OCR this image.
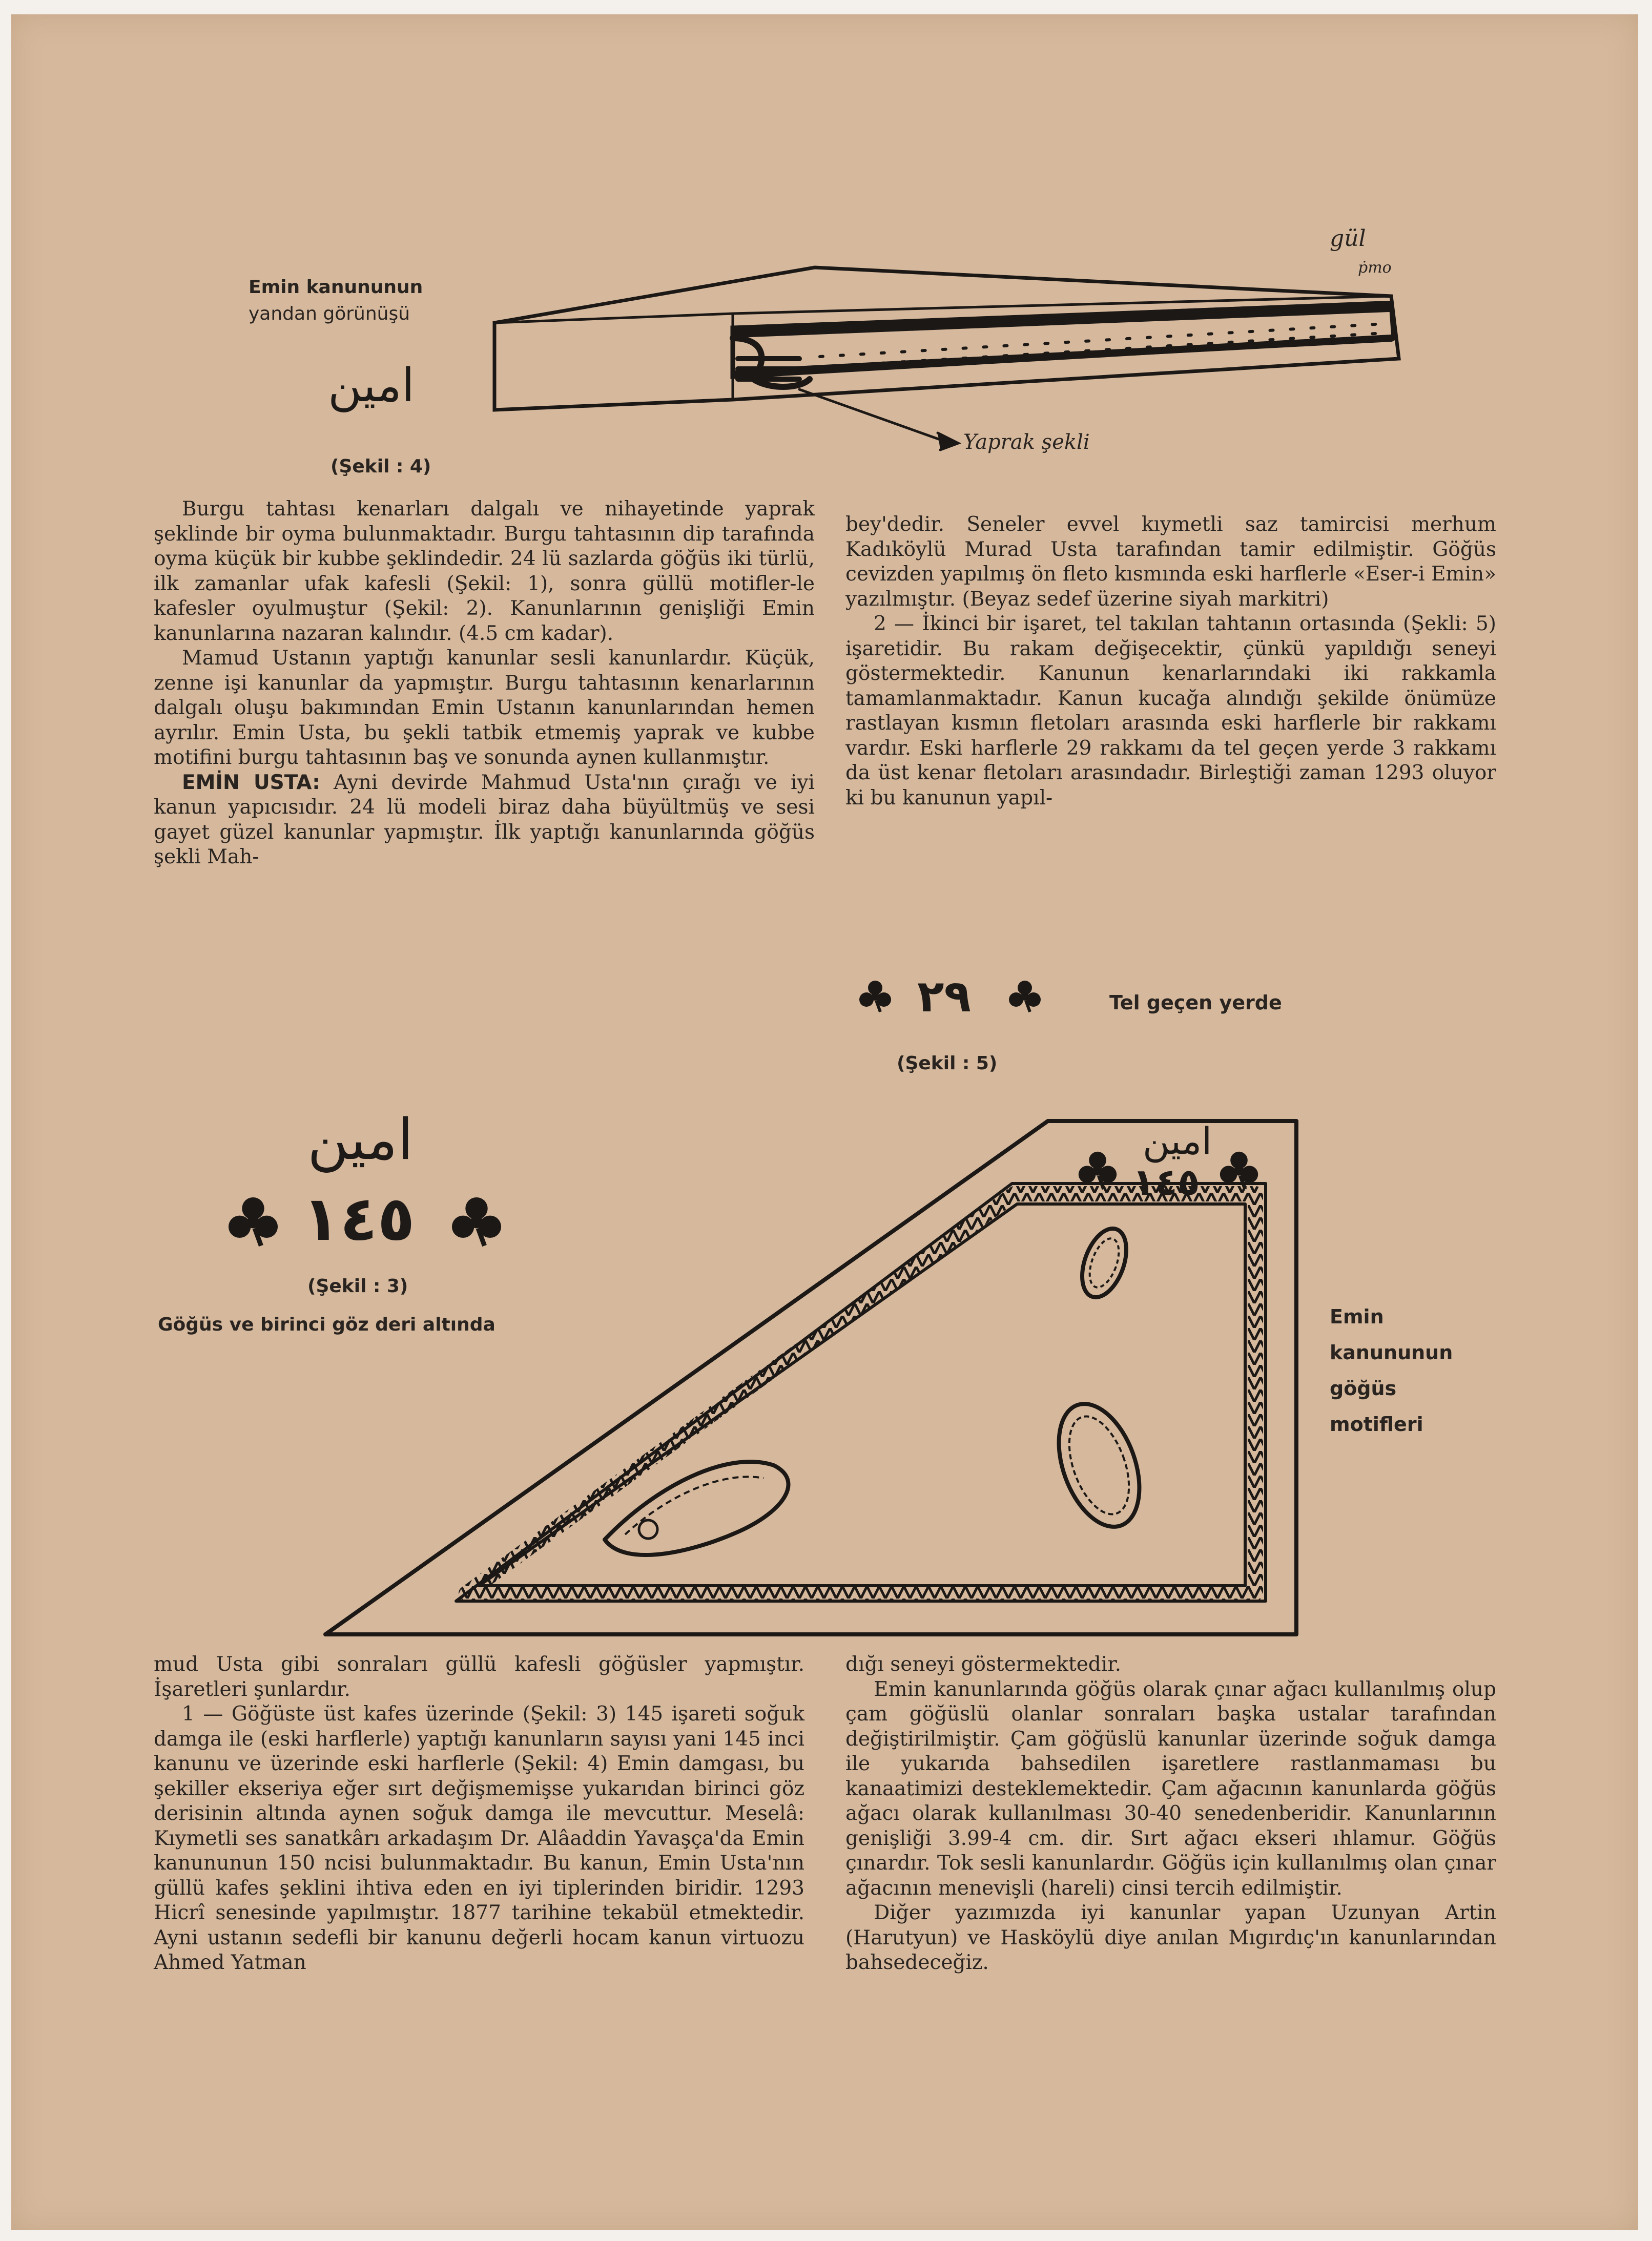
Emin kanununun
yandan görünüşü
امين
(Şekil : 4)
gül
ṗmo
Yaprak şekli

Burgu tahtası kenarları dalgalı ve nihayetinde yaprak şeklinde bir oyma bulunmaktadır. Burgu tahtasının dip tarafında oyma küçük bir kubbe şeklindedir. 24 lü sazlarda göğüs iki türlü, ilk zamanlar ufak kafesli (Şekil: 1), sonra güllü motifler-le kafesler oyulmuştur (Şekil: 2). Kanunlarının genişliği Emin kanunlarına nazaran kalındır. (4.5 cm kadar).

Mamud Ustanın yaptığı kanunlar sesli kanunlardır. Küçük, zenne işi kanunlar da yapmıştır. Burgu tahtasının kenarlarının dalgalı oluşu bakımından Emin Ustanın kanunlarından hemen ayrılır. Emin Usta, bu şekli tatbik etmemiş yaprak ve kubbe motifini burgu tahtasının baş ve sonunda aynen kullanmıştır.

EMİN USTA: Ayni devirde Mahmud Usta'nın çırağı ve iyi kanun yapıcısıdır. 24 lü modeli biraz daha büyültmüş ve sesi gayet güzel kanunlar yapmıştır. İlk yaptığı kanunlarında göğüs şekli Mah-

bey'dedir. Seneler evvel kıymetli saz tamircisi merhum Kadıköylü Murad Usta tarafından tamir edilmiştir. Göğüs cevizden yapılmış ön fleto kısmında eski harflerle «Eser-i Emin» yazılmıştır. (Beyaz sedef üzerine siyah markitri)

2 — İkinci bir işaret, tel takılan tahtanın ortasında (Şekli: 5) işaretidir. Bu rakam değişecektir, çünkü yapıldığı seneyi göstermektedir. Kanunun kenarlarındaki iki rakkamla tamamlanmaktadır. Kanun kucağa alındığı şekilde önümüze rastlayan kısmın fletoları arasında eski harflerle bir rakkamı vardır. Eski harflerle 29 rakkamı da tel geçen yerde 3 rakkamı da üst kenar fletoları arasındadır. Birleştiği zaman 1293 oluyor ki bu kanunun yapıl-

٢٩	Tel geçen yerde
(Şekil : 5)
امين
١٤٥
(Şekil : 3)
Göğüs ve birinci göz deri altında
امين
١٤٥
Emin
kanununun
göğüs
motifleri

mud Usta gibi sonraları güllü kafesli göğüsler yapmıştır. İşaretleri şunlardır.

1 — Göğüste üst kafes üzerinde (Şekil: 3) 145 işareti soğuk damga ile (eski harflerle) yaptığı kanunların sayısı yani 145 inci kanunu ve üzerinde eski harflerle (Şekil: 4) Emin damgası, bu şekiller ekseriya eğer sırt değişmemişse yukarıdan birinci göz derisinin altında aynen soğuk damga ile mevcuttur. Meselâ: Kıymetli ses sanatkârı arkadaşım Dr. Alâaddin Yavaşça'da Emin kanununun 150 ncisi bulunmaktadır. Bu kanun, Emin Usta'nın güllü kafes şeklini ihtiva eden en iyi tiplerinden biridir. 1293 Hicrî senesinde yapılmıştır. 1877 tarihine tekabül etmektedir. Ayni ustanın sedefli bir kanunu değerli hocam kanun virtuozu Ahmed Yatman

dığı seneyi göstermektedir.

Emin kanunlarında göğüs olarak çınar ağacı kullanılmış olup çam göğüslü olanlar sonraları başka ustalar tarafından değiştirilmiştir. Çam göğüslü kanunlar üzerinde soğuk damga ile yukarıda bahsedilen işaretlere rastlanmaması bu kanaatimizi desteklemektedir. Çam ağacının kanunlarda göğüs ağacı olarak kullanılması 30-40 senedenberidir. Kanunlarının genişliği 3.99-4 cm. dir. Sırt ağacı ekseri ıhlamur. Göğüs çınardır. Tok sesli kanunlardır. Göğüs için kullanılmış olan çınar ağacının menevişli (hareli) cinsi tercih edilmiştir.

Diğer yazımızda iyi kanunlar yapan Uzunyan Artin (Harutyun) ve Hasköylü diye anılan Mıgırdıç'ın kanunlarından bahsedeceğiz.
